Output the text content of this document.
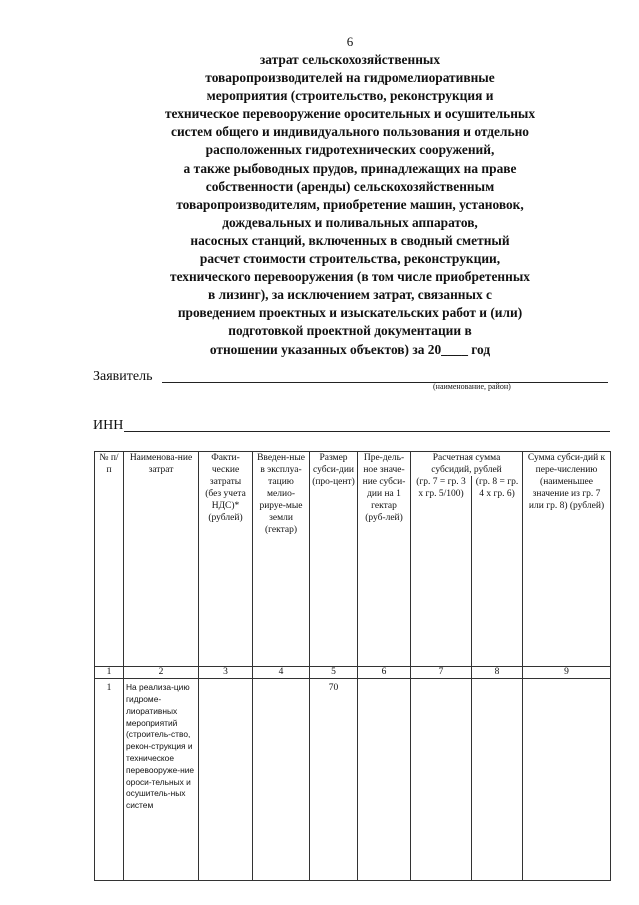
6
затрат сельскохозяйственных
товаропроизводителей на гидромелиоративные
мероприятия (строительство, реконструкция и
техническое перевооружение оросительных и осушительных
систем общего и индивидуального пользования и отдельно
расположенных гидротехнических сооружений,
а также рыбоводных прудов, принадлежащих на праве
собственности (аренды) сельскохозяйственным
товаропроизводителям, приобретение машин, установок,
дождевальных и поливальных аппаратов,
насосных станций, включенных в сводный сметный
расчет стоимости строительства, реконструкции,
технического перевооружения (в том числе приобретенных
в лизинг), за исключением затрат, связанных с
проведением проектных и изыскательских работ и (или)
подготовкой проектной документации в
отношении указанных объектов) за 20____ год
Заявитель
(наименование, район)
ИНН
№ п/п	Наименова-ние затрат	Факти-ческие затраты (без учета НДС)* (рублей)	Введен-ные в эксплуа-тацию мелио-рируе-мые земли (гектар)	Размер субси-дии (про-цент)	Пре-дель-ное значе-ние субси-дии на 1 гектар (руб-лей)	Расчетная сумма субсидий, рублей		Сумма субси-дий к пере-числению (наименьшее значение из гр. 7 или гр. 8) (рублей)
						(гр. 7 = гр. 3 х гр. 5/100)	(гр. 8 = гр. 4 х гр. 6)	
1	2	3	4	5	6	7	8	9
1	На реализа-цию гидроме-лиоративных мероприятий (строитель-ство, рекон-струкция и техническое перевооруже-ние ороси-тельных и осушитель-ных систем			70				
